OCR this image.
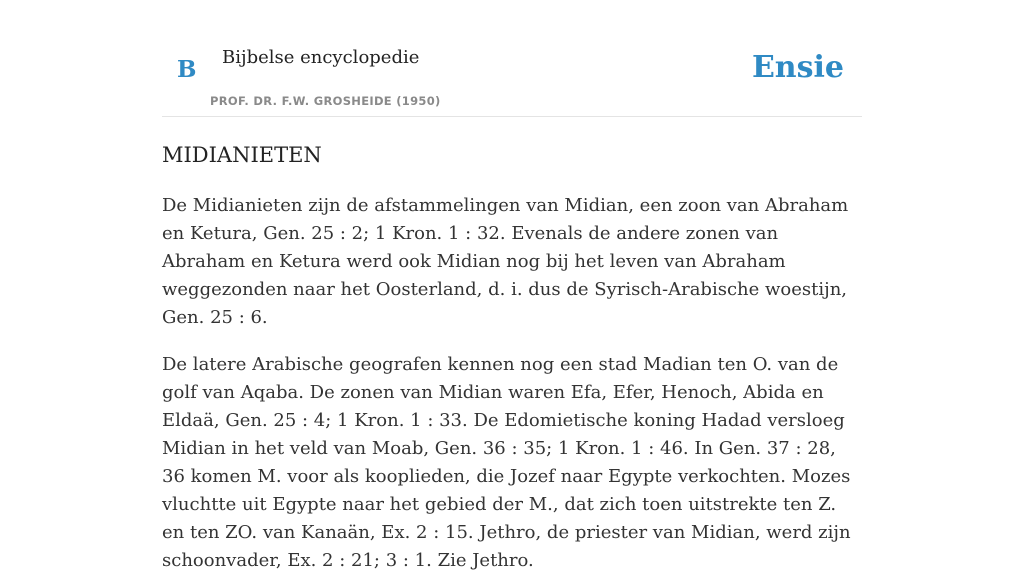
B Bijbelse encyclopedie
PROF. DR. F.W. GROSHEIDE (1950)
Ensie
MIDIANIETEN

De Midianieten zijn de afstammelingen van Midian, een zoon van Abraham en Ketura, Gen. 25 : 2; 1 Kron. 1 : 32. Evenals de andere zonen van Abraham en Ketura werd ook Midian nog bij het leven van Abraham weggezonden naar het Oosterland, d. i. dus de Syrisch-Arabische woestijn, Gen. 25 : 6.

De latere Arabische geografen kennen nog een stad Madian ten O. van de golf van Aqaba. De zonen van Midian waren Efa, Efer, Henoch, Abida en Eldaä, Gen. 25 : 4; 1 Kron. 1 : 33. De Edomietische koning Hadad versloeg Midian in het veld van Moab, Gen. 36 : 35; 1 Kron. 1 : 46. In Gen. 37 : 28, 36 komen M. voor als kooplieden, die Jozef naar Egypte verkochten. Mozes vluchtte uit Egypte naar het gebied der M., dat zich toen uitstrekte ten Z. en ten ZO. van Kanaän, Ex. 2 : 15. Jethro, de priester van Midian, werd zijn schoonvader, Ex. 2 : 21; 3 : 1. Zie Jethro.
